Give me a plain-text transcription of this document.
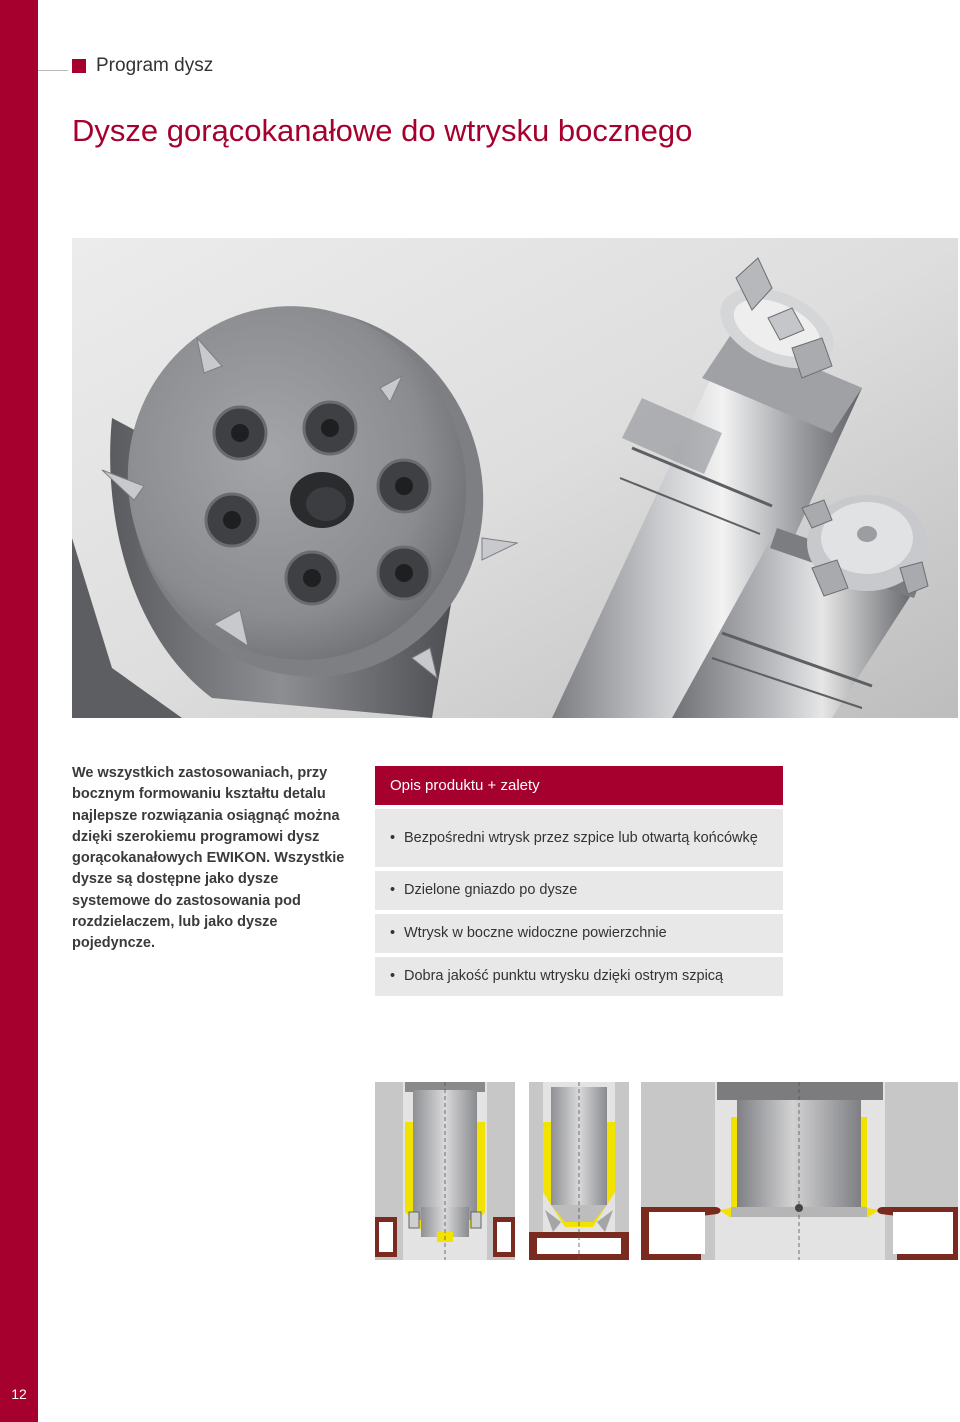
12
Program dysz
Dysze gorącokanałowe do wtrysku bocznego

We wszystkich zastosowaniach, przy bocznym formowaniu kształtu detalu najlepsze rozwiązania osiągnąć można dzięki szerokiemu programowi dysz gorącokanałowych EWIKON. Wszystkie dysze są dostępne jako dysze systemowe do zastosowania pod rozdzielaczem, lub jako dysze pojedyncze.

Opis produktu + zalety
• Bezpośredni wtrysk przez szpice lub otwartą końcówkę
• Dzielone gniazdo po dysze
• Wtrysk w boczne widoczne powierzchnie
• Dobra jakość punktu wtrysku dzięki ostrym szpicą
